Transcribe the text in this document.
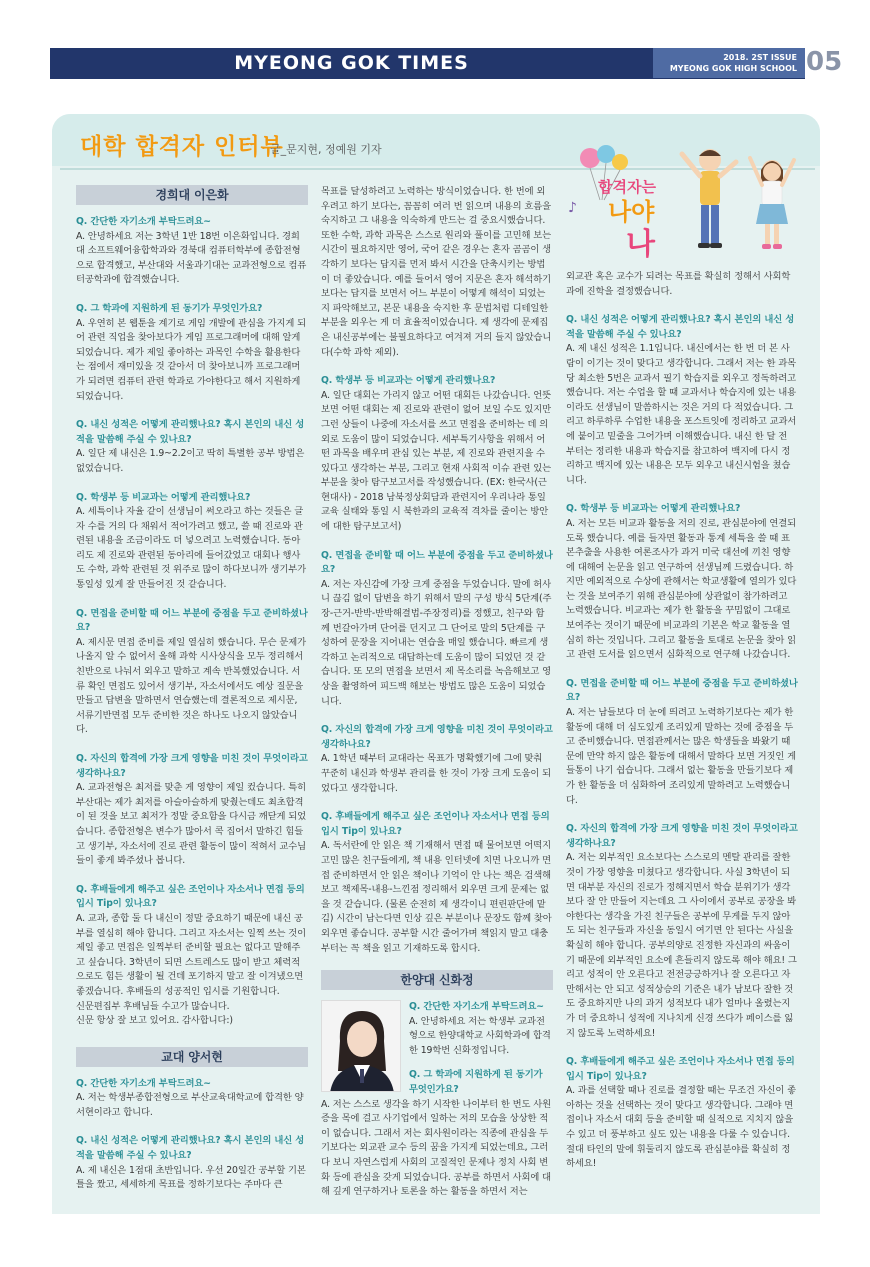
MYEONG GOK TIMES	2018. 2ST ISSUE
MYEONG GOK HIGH SCHOOL 05
대학 합격자 인터뷰
글_문지현, 정예원 기자
♪
합격자는
나야
나
경희대 이은화

Q. 간단한 자기소개 부탁드려요~
A. 안녕하세요 저는 3학년 1반 18번 이은화입니다. 경희대 소프트웨어융합학과와 경북대 컴퓨터학부에 종합전형으로 합격했고, 부산대와 서울과기대는 교과전형으로 컴퓨터공학과에 합격했습니다.

Q. 그 학과에 지원하게 된 동기가 무엇인가요?
A. 우연히 본 웹툰을 계기로 게임 개발에 관심을 가지게 되어 관련 직업을 찾아보다가 게임 프로그래머에 대해 알게 되었습니다. 제가 제일 좋아하는 과목인 수학을 활용한다는 점에서 재미있을 것 같아서 더 찾아보니까 프로그래머가 되려면 컴퓨터 관련 학과로 가야한다고 해서 지원하게 되었습니다.

Q. 내신 성적은 어떻게 관리했나요? 혹시 본인의 내신 성적을 말씀해 주실 수 있나요?
A. 일단 제 내신은 1.9~2.2이고 딱히 특별한 공부 방법은 없었습니다.

Q. 학생부 등 비교과는 어떻게 관리했나요?
A. 세특이나 자율 같이 선생님이 써오라고 하는 것들은 글자 수를 거의 다 채워서 적어가려고 했고, 쓸 때 진로와 관련된 내용을 조금이라도 더 넣으려고 노력했습니다. 동아리도 제 진로와 관련된 동아리에 들어갔었고 대회나 행사도 수학, 과학 관련된 것 위주로 많이 하다보니까 생기부가 통일성 있게 잘 만들어진 것 같습니다.

Q. 면접을 준비할 때 어느 부분에 중점을 두고 준비하셨나요?
A. 제시문 면접 준비를 제일 열심히 했습니다. 무슨 문제가 나올지 알 수 없어서 올해 과학 시사상식을 모두 정리해서 친반으로 나눠서 외우고 말하고 계속 반복했었습니다. 서류 확인 면접도 있어서 생기부, 자소서에서도 예상 질문을 만들고 답변을 말하면서 연습했는데 결론적으로 제시문, 서류기반면접 모두 준비한 것은 하나도 나오지 않았습니다.

Q. 자신의 합격에 가장 크게 영향을 미친 것이 무엇이라고 생각하나요?
A. 교과전형은 최저를 맞춘 게 영향이 제일 컸습니다. 특히 부산대는 제가 최저를 아슬아슬하게 맞췄는데도 최초합격이 된 것을 보고 최저가 정말 중요함을 다시금 깨닫게 되었습니다. 종합전형은 변수가 많아서 콕 집어서 말하긴 힘들고 생기부, 자소서에 진로 관련 활동이 많이 적혀서 교수님들이 좋게 봐주셨나 봅니다.

Q. 후배들에게 해주고 싶은 조언이나 자소서나 면접 등의 입시 Tip이 있나요?
A. 교과, 종합 둘 다 내신이 정말 중요하기 때문에 내신 공부를 열심히 해야 합니다. 그리고 자소서는 일찍 쓰는 것이 제일 좋고 면접은 일찍부터 준비할 필요는 없다고 말해주고 싶습니다. 3학년이 되면 스트레스도 많이 받고 체력적으로도 힘든 생활이 될 건데 포기하지 말고 잘 이겨냈으면 좋겠습니다. 후배들의 성공적인 입시를 기원합니다.
신문편집부 후배님들 수고가 많습니다.
신문 항상 잘 보고 있어요. 감사합니다:)

교대 양서현

Q. 간단한 자기소개 부탁드려요~
A. 저는 학생부종합전형으로 부산교육대학교에 합격한 양서현이라고 합니다.

Q. 내신 성적은 어떻게 관리했나요? 혹시 본인의 내신 성적을 말씀해 주실 수 있나요?
A. 제 내신은 1점대 초반입니다. 우선 20일간 공부할 기본 틀을 짰고, 세세하게 목표를 정하기보다는 주마다 큰

목표를 달성하려고 노력하는 방식이었습니다. 한 번에 외우려고 하기 보다는, 꼼꼼히 여러 번 읽으며 내용의 흐름을 숙지하고 그 내용을 익숙하게 만드는 걸 중요시했습니다. 또한 수학, 과학 과목은 스스로 원리와 풀이를 고민해 보는 시간이 필요하지만 영어, 국어 같은 경우는 혼자 곰곰이 생각하기 보다는 답지를 먼저 봐서 시간을 단축시키는 방법이 더 좋았습니다. 예를 들어서 영어 지문은 혼자 해석하기 보다는 답지를 보면서 어느 부분이 어떻게 해석이 되었는지 파악해보고, 본문 내용을 숙지한 후 문법처럼 디테일한 부분을 외우는 게 더 효율적이었습니다. 제 생각에 문제집은 내신공부에는 불필요하다고 여겨져 거의 들지 않았습니다(수학 과학 제외).

Q. 학생부 등 비교과는 어떻게 관리했나요?
A. 일단 대회는 가리지 않고 어떤 대회든 나갔습니다. 언뜻 보면 어떤 대회는 제 진로와 관련이 없어 보일 수도 있지만 그런 상들이 나중에 자소서를 쓰고 면접을 준비하는 데 의외로 도움이 많이 되었습니다. 세부특기사항을 위해서 어떤 과목을 배우며 관심 있는 부분, 제 진로와 관련지을 수 있다고 생각하는 부분, 그리고 현재 사회적 이슈 관련 있는 부분을 찾아 탐구보고서를 작성했습니다. (EX: 한국사(근현대사) - 2018 남북정상회담과 관련지어 우리나라 통일 교육 실태와 통일 시 북한과의 교육적 격차를 줄이는 방안에 대한 탐구보고서)

Q. 면접을 준비할 때 어느 부분에 중점을 두고 준비하셨나요?
A. 저는 자신감에 가장 크게 중점을 두었습니다. 말에 허사니 끊김 없이 답변을 하기 위해서 말의 구성 방식 5단계(주장-근거-반박-반박해결법-주장정리)를 정했고, 친구와 함께 번갈아가며 단어를 던지고 그 단어로 말의 5단계를 구성하여 문장을 지어내는 연습을 매일 했습니다. 빠르게 생각하고 논리적으로 대답하는데 도움이 많이 되었던 것 같습니다. 또 모의 면접을 보면서 제 목소리를 녹음해보고 영상을 촬영하여 피드백 해보는 방법도 많은 도움이 되었습니다.

Q. 자신의 합격에 가장 크게 영향을 미친 것이 무엇이라고 생각하나요?
A. 1학년 때부터 교대라는 목표가 명확했기에 그에 맞춰 꾸준히 내신과 학생부 관리를 한 것이 가장 크게 도움이 되었다고 생각합니다.

Q. 후배들에게 해주고 싶은 조언이나 자소서나 면접 등의 입시 Tip이 있나요?
A. 독서란에 안 읽은 책 기재해서 면접 때 물어보면 어떡지 고민 많은 친구들에게, 책 내용 인터넷에 치면 나오니까 면접 준비하면서 안 읽은 책이나 기억이 안 나는 책은 검색해보고 책제목-내용-느낀점 정리해서 외우면 크게 문제는 없을 것 같습니다. (물론 순전히 제 생각이니 편린판단에 맡김) 시간이 남는다면 인상 깊은 부분이나 문장도 함께 찾아 외우면 좋습니다. 공부할 시간 줄어가며 책읽지 말고 대충부터는 꼭 책을 읽고 기재하도록 합시다.

한양대 신화정
Q. 간단한 자기소개 부탁드려요~
A. 안녕하세요 저는 학생부 교과전형으로 한양대학교 사회학과에 합격한 19학번 신화정입니다.
Q. 그 학과에 지원하게 된 동기가 무엇인가요?

A. 저는 스스로 생각을 하기 시작한 나이부터 한 번도 사원증을 목에 걸고 사기업에서 일하는 저의 모습을 상상한 적이 없습니다. 그래서 저는 회사원이라는 직종에 관심을 두기보다는 외교관 교수 등의 꿈을 가지게 되었는데요, 그러다 보니 자연스럽게 사회의 고질적인 문제나 정치 사회 변화 등에 관심을 갖게 되었습니다. 공부를 하면서 사회에 대해 깊게 연구하거나 토론을 하는 활동을 하면서 저는

외교관 혹은 교수가 되려는 목표를 확실히 정해서 사회학과에 진학을 결정했습니다.

Q. 내신 성적은 어떻게 관리했나요? 혹시 본인의 내신 성적을 말씀해 주실 수 있나요?
A. 제 내신 성적은 1.1입니다. 내신에서는 한 번 더 본 사람이 이기는 것이 맞다고 생각합니다. 그래서 저는 한 과목당 최소한 5번은 교과서 필기 학습지를 외우고 정독하려고 했습니다. 저는 수업을 할 때 교과서나 학습지에 있는 내용이라도 선생님이 말씀하시는 것은 거의 다 적었습니다. 그리고 하루하루 수업한 내용을 포스트잇에 정리하고 교과서에 붙이고 밑줄을 그어가며 이해했습니다. 내신 한 달 전 부터는 정리한 내용과 학습지를 참고하여 백지에 다시 정리하고 백지에 있는 내용은 모두 외우고 내신시험을 쳤습니다.

Q. 학생부 등 비교과는 어떻게 관리했나요?
A. 저는 모든 비교과 활동을 저의 진로, 관심분야에 연결되도록 했습니다. 예를 들자면 활동과 통계 세특을 쓸 때 표본추출을 사용한 여론조사가 과거 미국 대선에 끼친 영향에 대해여 논문을 읽고 연구하여 선생님께 드렸습니다. 하지만 예외적으로 수상에 관해서는 학교생활에 열의가 있다는 것을 보여주기 위해 관심분야에 상관없이 참가하려고 노력했습니다. 비교과는 제가 한 활동을 꾸밈없이 그대로 보여주는 것이기 때문에 비교과의 기본은 학교 활동을 열심히 하는 것입니다. 그리고 활동을 토대로 논문을 찾아 읽고 관련 도서를 읽으면서 심화적으로 연구해 나갔습니다.

Q. 면접을 준비할 때 어느 부분에 중점을 두고 준비하셨나요?
A. 저는 남들보다 더 눈에 띄려고 노력하기보다는 제가 한 활동에 대해 더 심도있게 조리있게 말하는 것에 중점을 두고 준비했습니다. 면접관께서는 많은 학생들을 봐왔기 때문에 만약 하지 않은 활동에 대해서 말하다 보면 거짓인 게 들통이 나기 쉽습니다. 그래서 없는 활동을 만들기보다 제가 한 활동을 더 심화하여 조리있게 말하려고 노력했습니다.

Q. 자신의 합격에 가장 크게 영향을 미친 것이 무엇이라고 생각하나요?
A. 저는 외부적인 요소보다는 스스로의 멘탈 관리를 잘한 것이 가장 영향을 미쳤다고 생각합니다. 사실 3학년이 되면 대부분 자신의 진로가 정해지면서 학습 분위기가 생각보다 잘 안 만들어 지는데요 그 사이에서 공부로 공장을 봐야한다는 생각을 가진 친구들은 공부에 무게를 두지 않아도 되는 친구들과 자신을 동일시 여기면 안 된다는 사실을 확실히 해야 합니다. 공부의양로 진정한 자신과의 싸움이기 때문에 외부적인 요소에 흔들리지 않도록 해야 해요! 그리고 성적이 안 오른다고 전전긍긍하거나 잘 오른다고 자만해서는 안 되고 성적상승의 기준은 내가 남보다 잘한 것도 중요하지만 나의 과거 성적보다 내가 얼마나 올렸는지가 더 중요하니 성적에 지나치게 신경 쓰다가 페이스를 잃지 않도록 노력하세요!

Q. 후배들에게 해주고 싶은 조언이나 자소서나 면접 등의 입시 Tip이 있나요?
A. 과를 선택할 때나 진로를 결정할 때는 무조건 자신이 좋아하는 것을 선택하는 것이 맞다고 생각합니다. 그래야 면접이나 자소서 대회 등을 준비할 때 실적으로 지치지 않을 수 있고 더 풍부하고 싶도 있는 내용을 다룰 수 있습니다. 절대 타인의 말에 휘둘리지 않도록 관심분야를 확실히 정하세요!
